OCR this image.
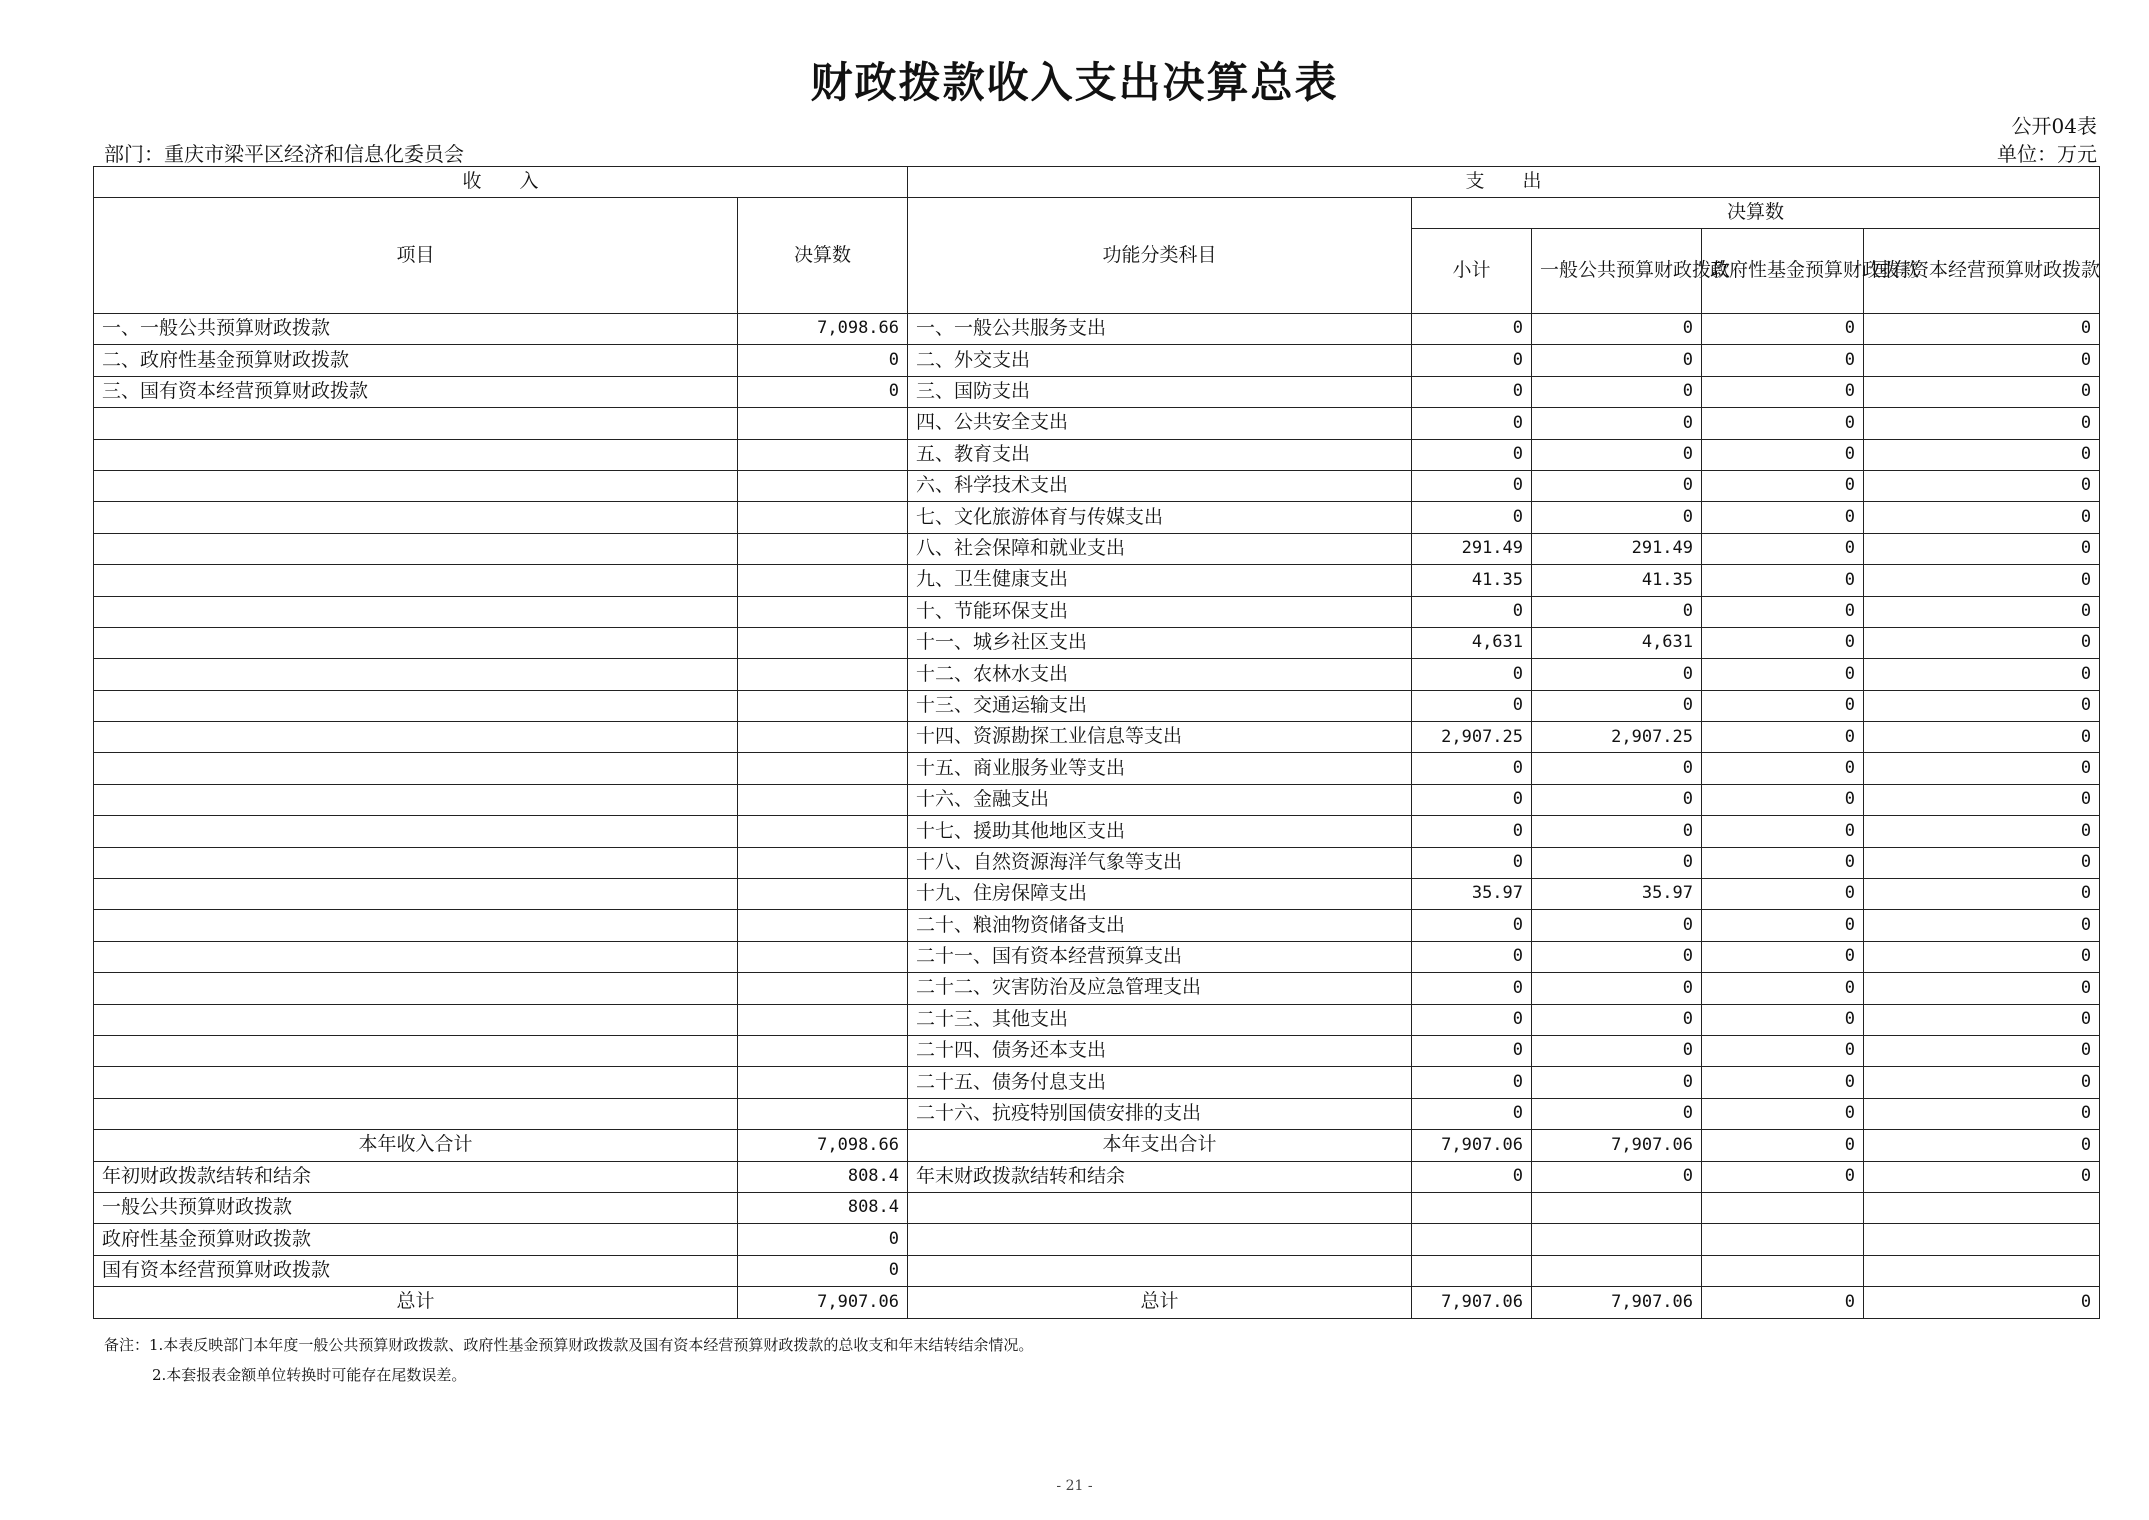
财政拨款收入支出决算总表
公开04表
部门：重庆市梁平区经济和信息化委员会	单位：万元
收　　入		支　　出				
项目	决算数	功能分类科目	决算数			
			小计	一般公共预算财政拨款	政府性基金预算财政拨款	国有资本经营预算财政拨款
一、一般公共预算财政拨款	7,098.66	一、一般公共服务支出	0	0	0	0
二、政府性基金预算财政拨款	0	二、外交支出	0	0	0	0
三、国有资本经营预算财政拨款	0	三、国防支出	0	0	0	0
		四、公共安全支出	0	0	0	0
		五、教育支出	0	0	0	0
		六、科学技术支出	0	0	0	0
		七、文化旅游体育与传媒支出	0	0	0	0
		八、社会保障和就业支出	291.49	291.49	0	0
		九、卫生健康支出	41.35	41.35	0	0
		十、节能环保支出	0	0	0	0
		十一、城乡社区支出	4,631	4,631	0	0
		十二、农林水支出	0	0	0	0
		十三、交通运输支出	0	0	0	0
		十四、资源勘探工业信息等支出	2,907.25	2,907.25	0	0
		十五、商业服务业等支出	0	0	0	0
		十六、金融支出	0	0	0	0
		十七、援助其他地区支出	0	0	0	0
		十八、自然资源海洋气象等支出	0	0	0	0
		十九、住房保障支出	35.97	35.97	0	0
		二十、粮油物资储备支出	0	0	0	0
		二十一、国有资本经营预算支出	0	0	0	0
		二十二、灾害防治及应急管理支出	0	0	0	0
		二十三、其他支出	0	0	0	0
		二十四、债务还本支出	0	0	0	0
		二十五、债务付息支出	0	0	0	0
		二十六、抗疫特别国债安排的支出	0	0	0	0
本年收入合计	7,098.66	本年支出合计	7,907.06	7,907.06	0	0
年初财政拨款结转和结余	808.4	年末财政拨款结转和结余	0	0	0	0
一般公共预算财政拨款	808.4					
政府性基金预算财政拨款	0					
国有资本经营预算财政拨款	0					
总计	7,907.06	总计	7,907.06	7,907.06	0	0
备注：1.本表反映部门本年度一般公共预算财政拨款、政府性基金预算财政拨款及国有资本经营预算财政拨款的总收支和年末结转结余情况。
2.本套报表金额单位转换时可能存在尾数误差。
- 21 -
